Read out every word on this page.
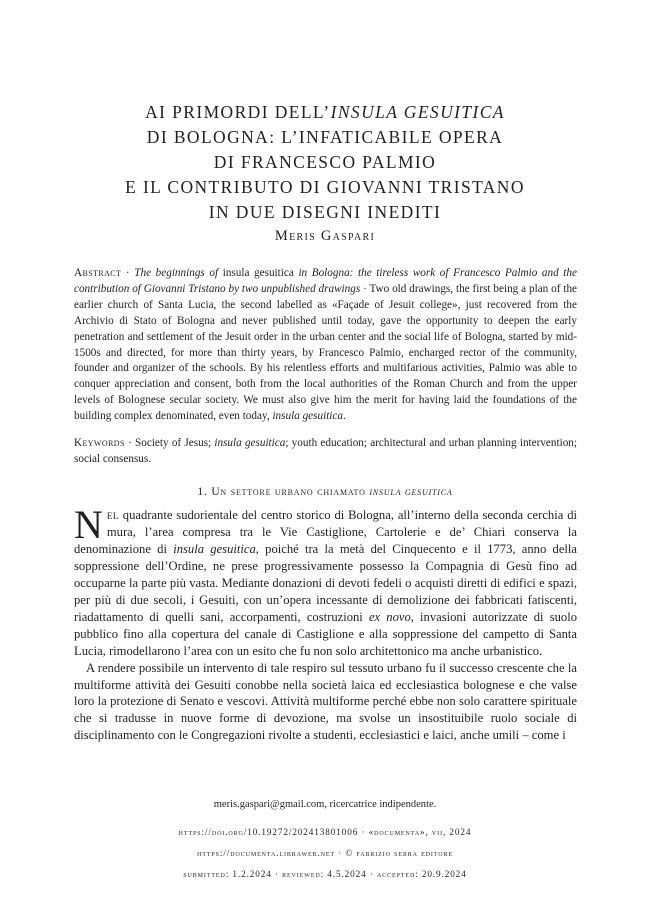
AI PRIMORDI DELL’INSULA GESUITICA
DI BOLOGNA: L’INFATICABILE OPERA
DI FRANCESCO PALMIO
E IL CONTRIBUTO DI GIOVANNI TRISTANO
IN DUE DISEGNI INEDITI
Meris Gaspari
Abstract · The beginnings of insula gesuitica in Bologna: the tireless work of Francesco Palmio and the contribution of Giovanni Tristano by two unpublished drawings · Two old drawings, the first being a plan of the earlier church of Santa Lucia, the second labelled as «Façade of Jesuit college», just recovered from the Archivio di Stato of Bologna and never published until today, gave the opportunity to deepen the early penetration and settlement of the Jesuit order in the urban center and the social life of Bologna, started by mid-1500s and directed, for more than thirty years, by Francesco Palmio, encharged rector of the community, founder and organizer of the schools. By his relentless efforts and multifarious activities, Palmio was able to conquer appreciation and consent, both from the local authorities of the Roman Church and from the upper levels of Bolognese secular society. We must also give him the merit for having laid the foundations of the building complex denominated, even today, insula gesuitica.
Keywords · Society of Jesus; insula gesuitica; youth education; architectural and urban planning intervention; social consensus.
1. Un settore urbano chiamato insula gesuitica

Nel quadrante sudorientale del centro storico di Bologna, all’interno della seconda cerchia di mura, l’area compresa tra le Vie Castiglione, Cartolerie e de’ Chiari conserva la denominazione di insula gesuitica, poiché tra la metà del Cinquecento e il 1773, anno della soppressione dell’Ordine, ne prese progressivamente possesso la Compagnia di Gesù fino ad occuparne la parte più vasta. Mediante donazioni di devoti fedeli o acquisti diretti di edifici e spazi, per più di due secoli, i Gesuiti, con un’opera incessante di demolizione dei fabbricati fatiscenti, riadattamento di quelli sani, accorpamenti, costruzioni ex novo, invasioni autorizzate di suolo pubblico fino alla copertura del canale di Castiglione e alla soppressione del campetto di Santa Lucia, rimodellarono l’area con un esito che fu non solo architettonico ma anche urbanistico.

A rendere possibile un intervento di tale respiro sul tessuto urbano fu il successo crescente che la multiforme attività dei Gesuiti conobbe nella società laica ed ecclesiastica bolognese e che valse loro la protezione di Senato e vescovi. Attività multiforme perché ebbe non solo carattere spirituale che si tradusse in nuove forme di devozione, ma svolse un insostituibile ruolo sociale di disciplinamento con le Congregazioni rivolte a studenti, ecclesiastici e laici, anche umili – come i

meris.gaspari@gmail.com, ricercatrice indipendente.
https://doi.org/10.19272/202413801006 · «documenta», vii, 2024
https://documenta.libraweb.net · © fabrizio serra editore
submitted: 1.2.2024 · reviewed: 4.5.2024 · accepted: 20.9.2024
